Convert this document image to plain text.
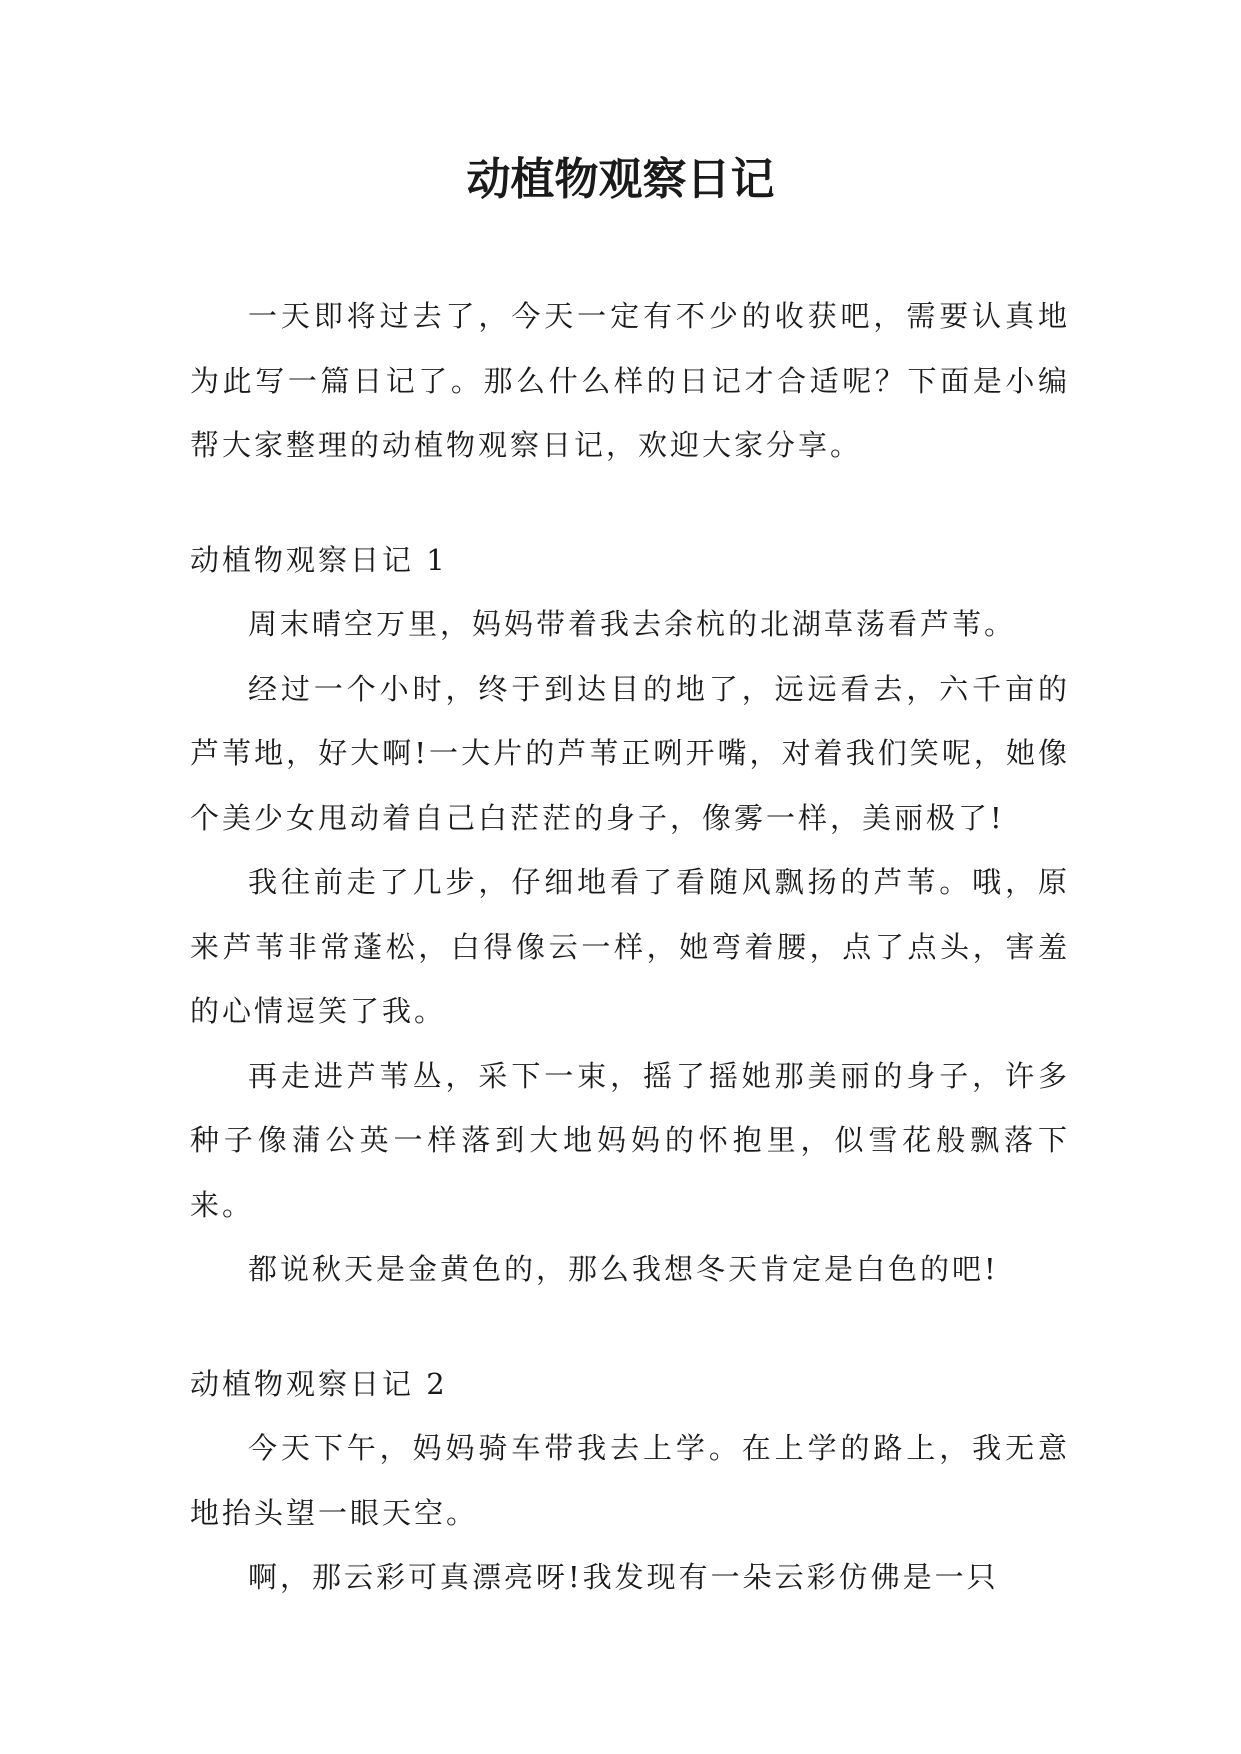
动植物观察日记

一天即将过去了，今天一定有不少的收获吧，需要认真地为此写一篇日记了。那么什么样的日记才合适呢？下面是小编帮大家整理的动植物观察日记，欢迎大家分享。

动植物观察日记 1

周末晴空万里，妈妈带着我去余杭的北湖草荡看芦苇。

经过一个小时，终于到达目的地了，远远看去，六千亩的芦苇地，好大啊!一大片的芦苇正咧开嘴，对着我们笑呢，她像个美少女甩动着自己白茫茫的身子，像雾一样，美丽极了!

我往前走了几步，仔细地看了看随风飘扬的芦苇。哦，原来芦苇非常蓬松，白得像云一样，她弯着腰，点了点头，害羞的心情逗笑了我。

再走进芦苇丛，采下一束，摇了摇她那美丽的身子，许多种子像蒲公英一样落到大地妈妈的怀抱里，似雪花般飘落下来。

都说秋天是金黄色的，那么我想冬天肯定是白色的吧!

动植物观察日记 2

今天下午，妈妈骑车带我去上学。在上学的路上，我无意地抬头望一眼天空。

啊，那云彩可真漂亮呀!我发现有一朵云彩仿佛是一只
